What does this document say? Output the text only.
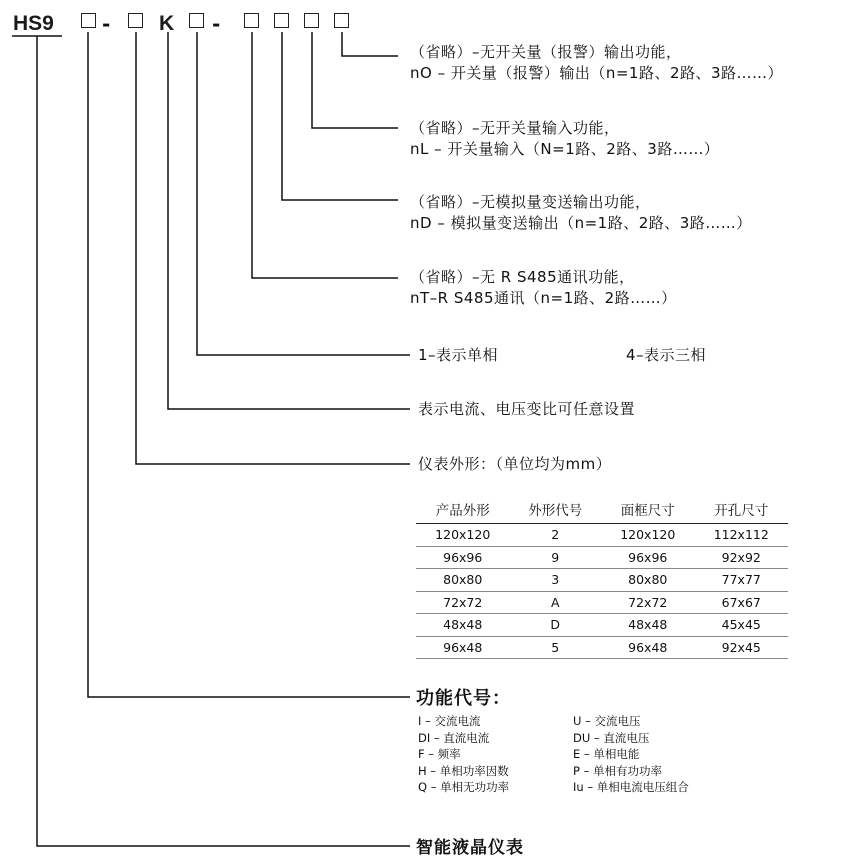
HS9 - K -
（省略）–无开关量（报警）输出功能，
nO – 开关量（报警）输出（n=1路、2路、3路……）
（省略）–无开关量输入功能，
nL – 开关量输入（N=1路、2路、3路……）
（省略）–无模拟量变送输出功能，
nD – 模拟量变送输出（n=1路、2路、3路……）
（省略）–无 R S485通讯功能，
nT–R S485通讯（n=1路、2路……）
1–表示单相	4–表示三相
表示电流、电压变比可任意设置
仪表外形：（单位均为mm）
产品外形	外形代号	面框尺寸	开孔尺寸
120x120	2	120x120	112x112
96x96	9	96x96	92x92
80x80	3	80x80	77x77
72x72	A	72x72	67x67
48x48	D	48x48	45x45
96x48	5	96x48	92x45
功能代号：
I – 交流电流
DI – 直流电流
F – 频率
H – 单相功率因数
Q – 单相无功功率
U – 交流电压
DU – 直流电压
E – 单相电能
P – 单相有功功率
Iu – 单相电流电压组合
智能液晶仪表
